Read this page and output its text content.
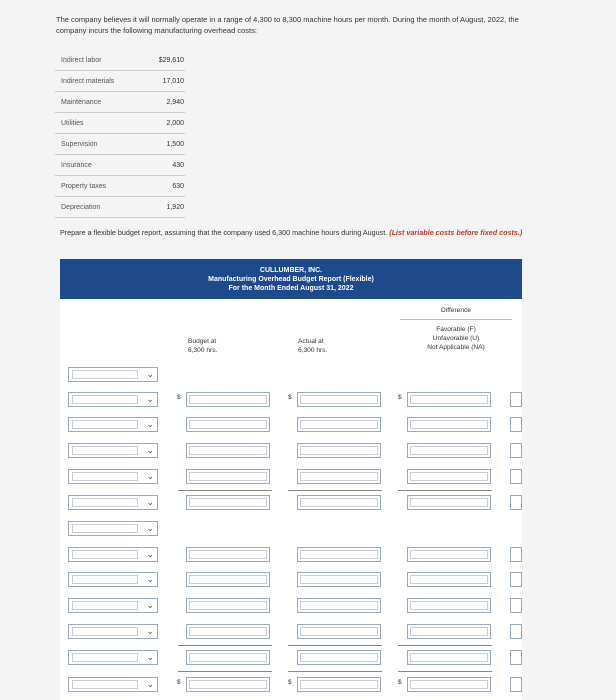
The company believes it will normally operate in a range of 4,300 to 8,300 machine hours per month. During the month of August, 2022, the company incurs the following manufacturing overhead costs:
Indirect labor	$29,610
Indirect materials	17,010
Maintenance	2,940
Utilities	2,000
Supervision	1,500
Insurance	430
Property taxes	630
Depreciation	1,920
Prepare a flexible budget report, assuming that the company used 6,300 machine hours during August. (List variable costs before fixed costs.)
CULLUMBER, INC.
Manufacturing Overhead Budget Report (Flexible)
For the Month Ended August 31, 2022
Difference
Favorable (F)
Unfavorable (U)
Not Applicable (NA)
Budget at
6,300 hrs.
Actual at
6,300 hrs.
⌄
⌄	$	$	$
⌄
⌄
⌄
⌄
⌄
⌄
⌄
⌄
⌄
⌄
⌄	$	$	$
